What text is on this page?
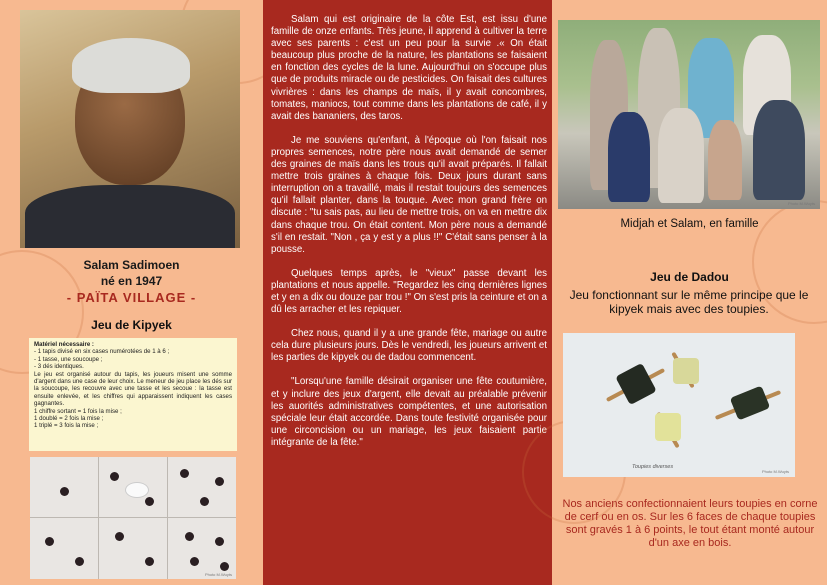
Salam Sadimoen
né en 1947
- PAÏTA VILLAGE -
Jeu de Kipyek
Matériel nécessaire :
- 1 tapis divisé en six cases numérotées de 1 à 6 ;
- 1 tasse, une soucoupe ;
- 3 dés identiques.
Le jeu est organisé autour du tapis, les joueurs misent une somme d'argent dans une case de leur choix. Le meneur de jeu place les dés sur la soucoupe, les recouvre avec une tasse et les secoue : la tasse est ensuite enlevée, et les chiffres qui apparaissent indiquent les cases gagnantes.
1 chiffre sortant = 1 fois la mise ;
1 doublé = 2 fois la mise ;
1 triplé = 3 fois la mise ;
Photo M.Wuyts

Salam qui est originaire de la côte Est, est issu d'une famille de onze enfants. Très jeune, il apprend à cultiver la terre avec ses parents : c'est un peu pour la survie .« On était beaucoup plus proche de la nature, les plantations se faisaient en fonction des cycles de la lune. Aujourd'hui on s'occupe plus que de produits miracle ou de pesticides. On faisait des cultures vivrières : dans les champs de maïs, il y avait concombres, tomates, maniocs, tout comme dans les plantations de café, il y avait des bananiers, des taros.

Je me souviens qu'enfant, à l'époque où l'on faisait nos propres semences, notre père nous avait demandé de semer des graines de maïs dans les trous qu'il avait préparés. Il fallait mettre trois graines à chaque fois. Deux jours durant sans interruption on a travaillé, mais il restait toujours des semences qu'il fallait planter, dans la touque. Avec mon grand frère on discute : "tu sais pas, au lieu de mettre trois, on va en mettre dix dans chaque trou. On était content. Mon père nous a demandé s'il en restait. "Non , ça y est y a plus !!" C'était sans penser à la pousse.

Quelques temps après, le "vieux" passe devant les plantations et nous appelle. "Regardez les cinq dernières lignes et y en a dix ou douze par trou !" On s'est pris la ceinture et on a dû les arracher et les repiquer.

Chez nous, quand il y a une grande fête, mariage ou autre cela dure plusieurs jours. Dès le vendredi, les joueurs arrivent et les parties de kipyek ou de dadou commencent.

"Lorsqu'une famille désirait organiser une fête coutumière, et y inclure des jeux d'argent, elle devait au préalable prévenir les auorités administratives compétentes, et une autorisation spéciale leur était accordée. Dans toute festivité organisée pour une circoncision ou un mariage, les jeux faisaient partie intégrante de la fête."

Photo M.Wuyts
Midjah et Salam, en famille
Jeu de Dadou
Jeu fonctionnant sur le même principe que le kipyek mais avec des toupies.
Photo M.Wuyts
Toupies diverses
Nos anciens confectionnaient leurs toupies en corne de cerf ou en os. Sur les 6 faces de chaque toupies sont gravés 1 à 6 points, le tout étant monté autour d'un axe en bois.
